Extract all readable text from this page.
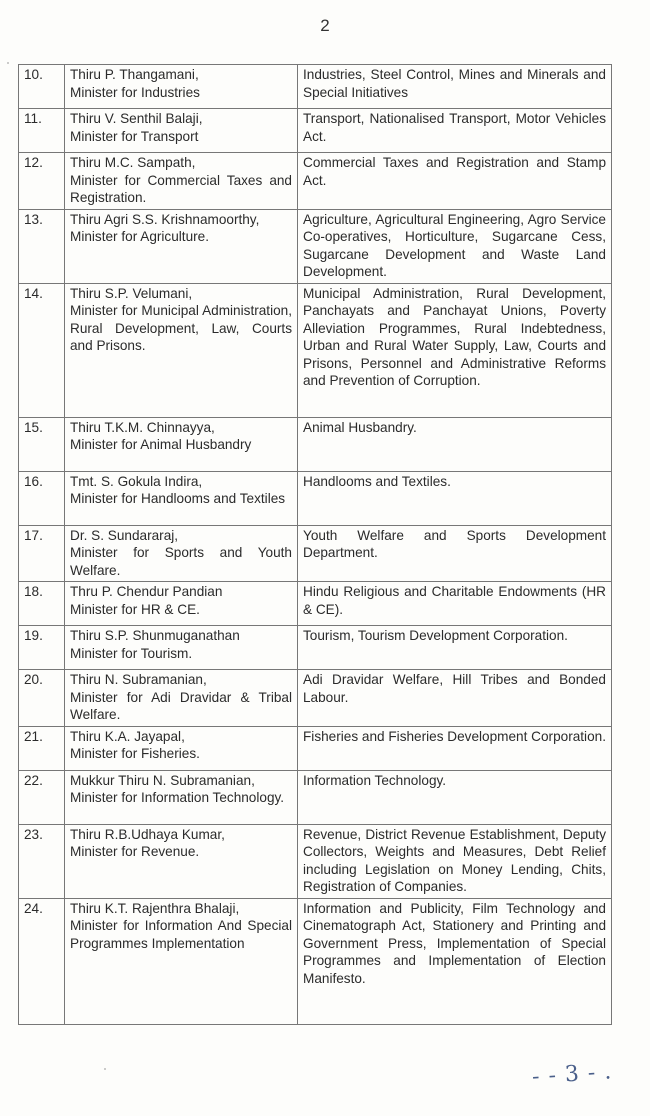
2
10.	Thiru P. Thangamani,
Minister for Industries	Industries, Steel Control, Mines and Minerals and Special Initiatives
11.	Thiru V. Senthil Balaji,
Minister for Transport	Transport, Nationalised Transport, Motor Vehicles Act.
12.	Thiru M.C. Sampath,
Minister for Commercial Taxes and Registration.	Commercial Taxes and Registration and Stamp Act.
13.	Thiru Agri S.S. Krishnamoorthy,
Minister for Agriculture.	Agriculture, Agricultural Engineering, Agro Service Co-operatives, Horticulture, Sugarcane Cess, Sugarcane Development and Waste Land Development.
14.	Thiru S.P. Velumani,
Minister for Municipal Administration, Rural Development, Law, Courts and Prisons.	Municipal Administration, Rural Development, Panchayats and Panchayat Unions, Poverty Alleviation Programmes, Rural Indebtedness, Urban and Rural Water Supply, Law, Courts and Prisons, Personnel and Administrative Reforms and Prevention of Corruption.
15.	Thiru T.K.M. Chinnayya,
Minister for Animal Husbandry	Animal Husbandry.
16.	Tmt. S. Gokula Indira,
Minister for Handlooms and Textiles	Handlooms and Textiles.
17.	Dr. S. Sundararaj,
Minister for Sports and Youth Welfare.	Youth Welfare and Sports Development Department.
18.	Thru P. Chendur Pandian
Minister for HR & CE.	Hindu Religious and Charitable Endowments (HR & CE).
19.	Thiru S.P. Shunmuganathan
Minister for Tourism.	Tourism, Tourism Development Corporation.
20.	Thiru N. Subramanian,
Minister for Adi Dravidar & Tribal Welfare.	Adi Dravidar Welfare, Hill Tribes and Bonded Labour.
21.	Thiru K.A. Jayapal,
Minister for Fisheries.	Fisheries and Fisheries Development Corporation.
22.	Mukkur Thiru N. Subramanian,
Minister for Information Technology.	Information Technology.
23.	Thiru R.B.Udhaya Kumar,
Minister for Revenue.	Revenue, District Revenue Establishment, Deputy Collectors, Weights and Measures, Debt Relief including Legislation on Money Lending, Chits, Registration of Companies.
24.	Thiru K.T. Rajenthra Bhalaji,
Minister for Information And Special Programmes Implementation	Information and Publicity, Film Technology and Cinematograph Act, Stationery and Printing and Government Press, Implementation of Special Programmes and Implementation of Election Manifesto.
- - 3 - .
